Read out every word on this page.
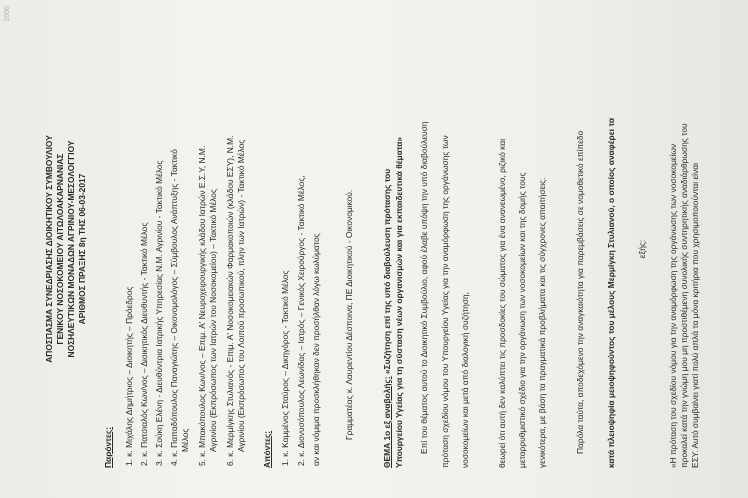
ΑΠΟΣΠΑΣΜΑ ΣΥΝΕΔΡΙΑΣΗΣ ΔΙΟΙΚΗΤΙΚΟΥ ΣΥΜΒΟΥΛΙΟΥ ΓΕΝΙΚΟΥ ΝΟΣΟΚΟΜΕΙΟΥ ΑΙΤΩΛΟΑΚΑΡΝΑΝΙΑΣ ΝΟΣΗΛΕΥΤΙΚΩΝ ΜΟΝΑΔΩΝ ΑΓΡΙΝΙΟΥ-ΜΕΣΟΛΟΓΓΙΟΥ ΑΡΙΘΜΟΣ ΠΡΑΞΗΣ 8η ΤΗΣ 06-03-2017
Παρόντες: 1. κ. Μιχάλης Δημήτριος – Διοικητής – Πρόεδρος 2. κ. Πατσιαλός Κων/νος – Διοικητικός Διευθυντής - Τακτικό Μέλος 3. κ. Σούκη Ελένη - Διευθύντρια Ιατρικής Υπηρεσίας Ν.Μ. Αγρινίου - Τακτικό Μέλος 4. κ. Παπαδόπουλος Παναγιώτης – Οικονομολόγος – Σύμβουλος Ανάπτυξης - Τακτικό Μέλος 5. κ. Μπακόπουλος Κων/νος – Επιμ. Α' Νευροχειρουργικής κλάδου Ιατρών Ε.Σ.Υ, Ν.Μ. Αγρινίου (Εκπρόσωπος των Ιατρών του Νοσοκομείου) – Τακτικό Μέλος 6. κ. Μερμίγκης Στυλιανός - Επιμ. Α' Νοσοκομειακών Φαρμακοποιών (κλάδου ΕΣΥ), Ν.Μ. Αγρινίου (Εκπρόσωπος του Λοιπού προσωπικού, πλην των Ιατρών) - Τακτικό Μέλος Απόντες: 1. κ. Καμμένος Σταύρος – Δικηγόρος - Τακτικό Μέλος 2. κ. Διονυσόπουλος Λεωνίδας – Ιατρός – Γενικός Χειρούργος - Τακτικό Μέλος, αν και νόμιμα προσκλήθηκαν δεν προσήλθαν λόγω κωλύματος	Γραμματέας κ. Λαυρεντίου Δέσποινα, ΠΕ Διοικητικού - Οικονομικού.	ΘΕΜΑ 1ο εξ αναβολής: «Συζήτηση επί της υπό διαβούλευση πρότασης του Υπουργείου Υγείας για τη σύσταση νέων οργανισμών και για εκπαιδευτικά θέματα» Επί του θέματος αυτού το Διοικητικό Συμβούλιο, αφού έλαβε υπόψη την υπό διαβούλευση πρόταση σχεδίου νόμου του Υπουργείου Υγείας για την αναμόρφωση της οργάνωσης των νοσοκομείων και μετά από διαλογική συζήτηση,	θεωρεί ότι αυτή δεν καλύπτει τις προσδοκίες του σώματος για ένα ανανεωμένο, ριζικό και μεταρρυθμιστικό σχέδιο για την οργάνωση των νοσοκομείων και της δομής τους γενικότερα, με βάση τα πραγματικά προβλήματα και τις σύγχρονες απαιτήσεις.	Παρόλα ταύτα, αποδεχόμενο την αναγκαιότητα για παρεμβάσεις σε νομοθετικό επίπεδο	κατά πλειοψηφία μειοψηφούντος του μέλους Μερμίγκη Στυλιανού, ο οποίος αναφέρει τα	εξής:	«Η πρόταση του σχεδίου νόμου για την αναμόρφωση της οργάνωσης των νοσοκομείων προκαλεί κατά την γνώμη μου μη προστιθέμενη συνολικής συντηρητικής αναδιάρθρωσης του ΕΣΥ. Αυτό συμβαίνει γιατί πολύ απλά τα μόνα κριτήρια που χρησιμοποιούνται είναι
2006
